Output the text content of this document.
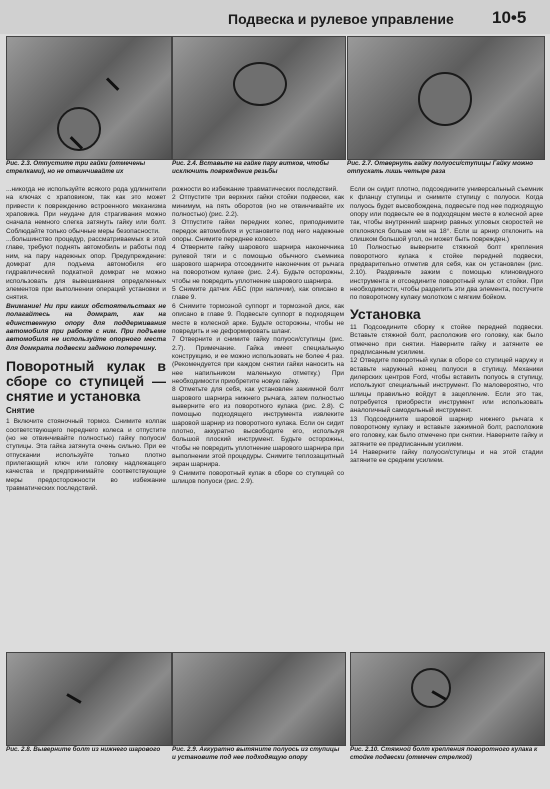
Подвеска и рулевое управление 10•5
Рис. 2.3. Отпустите три гайки (отмечены стрелками), но не отвинчивайте их
Рис. 2.4. Вставьте на гайке пару витков, чтобы исключить повреждение резьбы
Рис. 2.7. Отвернуть гайку полуоси/ступицы Гайку можно отпускать лишь четыре раза

...никогда не используйте всякого рода удлинители на ключах с храповиком, так как это может привести к повреждению встроенного механизма храповика. При неудаче для страгивания можно сначала немного слегка затянуть гайку или болт. Соблюдайте только обычные меры безопасности.

...большинство процедур, рассматриваемых в этой главе, требуют поднять автомобиль и работы под ним, на пару надежных опор. Предупреждение: домкрат для подъема автомобиля его гидравлический подкатной домкрат не можно использовать для вывешивания определенных элементов при выполнении операций установки и снятия.

Внимание! Ни при каких обстоятельствах не полагайтесь на домкрат, как на единственную опору для поддерживания автомобиля при работе с ним. При подъеме автомобиля не используйте опорного места для домкрата подвески заднюю поперечину.

Поворотный кулак в сборе со ступицей — снятие и установка
Снятие

1 Включите стояночный тормоз. Снимите колпак соответствующего переднего колеса и отпустите (но не отвинчивайте полностью) гайку полуоси/ступицы. Эта гайка затянута очень сильно. При ее отпускании используйте только плотно прилегающий ключ или головку надлежащего качества и предпринимайте соответствующие меры предосторожности во избежание травматических последствий.

рожности во избежание травматических последствий.

2 Отпустите три верхних гайки стойки подвески, как минимум, на пять оборотов (но не отвинчивайте их полностью) (рис. 2.2).

3 Отпустите гайки передних колес, приподнимите передок автомобиля и установите под него надежные опоры. Снимите переднее колесо.

4 Отверните гайку шарового шарнира наконечника рулевой тяги и с помощью обычного съемника шарового шарнира отсоедините наконечник от рычага на поворотном кулаке (рис. 2.4). Будьте осторожны, чтобы не повредить уплотнение шарового шарнира.

5 Снимите датчик АБС (при наличии), как описано в главе 9.

6 Снимите тормозной суппорт и тормозной диск, как описано в главе 9. Подвесьте суппорт в подходящем месте в колесной арке. Будьте осторожны, чтобы не повредить и не деформировать шланг.

7 Отверните и снимите гайку полуоси/ступицы (рис. 2.7). Примечание. Гайка имеет специальную конструкцию, и ее можно использовать не более 4 раз. (Рекомендуется при каждом снятии гайки наносить на нее напильником маленькую отметку.) При необходимости приобретите новую гайку.

8 Отметьте для себя, как установлен зажимной болт шарового шарнира нижнего рычага, затем полностью выверните его из поворотного кулака (рис. 2.8). С помощью подходящего инструмента извлеките шаровой шарнир из поворотного кулака. Если он сидит плотно, аккуратно высвободите его, используя большой плоский инструмент. Будьте осторожны, чтобы не повредить уплотнение шарового шарнира при выполнении этой процедуры. Снимите теплозащитный экран шарнира.

9 Снимите поворотный кулак в сборе со ступицей со шлицов полуоси (рис. 2.9).

Если он сидит плотно, подсоедините универсальный съемник к фланцу ступицы и снимите ступицу с полуоси. Когда полуось будет высвобождена, подвесьте под нее подходящую опору или подвесьте ее в подходящем месте в колесной арке так, чтобы внутренний шарнир равных угловых скоростей не отклонялся больше чем на 18°. Если ш арнир отклонить на слишком большой угол, он может быть поврежден.)

10 Полностью выверните стяжной болт крепления поворотного кулака к стойке передней подвески, предварительно отметив для себя, как он установлен (рис. 2.10). Раздвиньте зажим с помощью клиновидного инструмента и отсоедините поворотный кулак от стойки. При необходимости, чтобы разделить эти два элемента, постучите по поворотному кулаку молотком с мягким бойком.

Установка

11 Подсоедините сборку к стойке передней подвески. Вставьте стяжной болт, расположив его головку, как было отмечено при снятии. Наверните гайку и затяните ее предписанным усилием.

12 Отведите поворотный кулак в сборе со ступицей наружу и вставьте наружный конец полуоси в ступицу. Механики дилерских центров Ford, чтобы вставить полуось в ступицу, используют специальный инструмент. По маловероятно, что шлицы правильно войдут в зацепление. Если это так, потребуется приобрести инструмент или использовать аналогичный самодельный инструмент.

13 Подсоедините шаровой шарнир нижнего рычага к поворотному кулаку и вставьте зажимной болт, расположив его головку, как было отмечено при снятии. Наверните гайку и затяните ее предписанным усилием.

14 Наверните гайку полуоси/ступицы и на этой стадии затяните ее средним усилием.

Рис. 2.8. Выверните болт из нижнего шарового	Рис. 2.9. Аккуратно вытяните полуось из ступицы и установите под нее подходящую опору
Рис. 2.10. Стяжной болт крепления поворотного кулака к стойке подвески (отмечен стрелкой)
